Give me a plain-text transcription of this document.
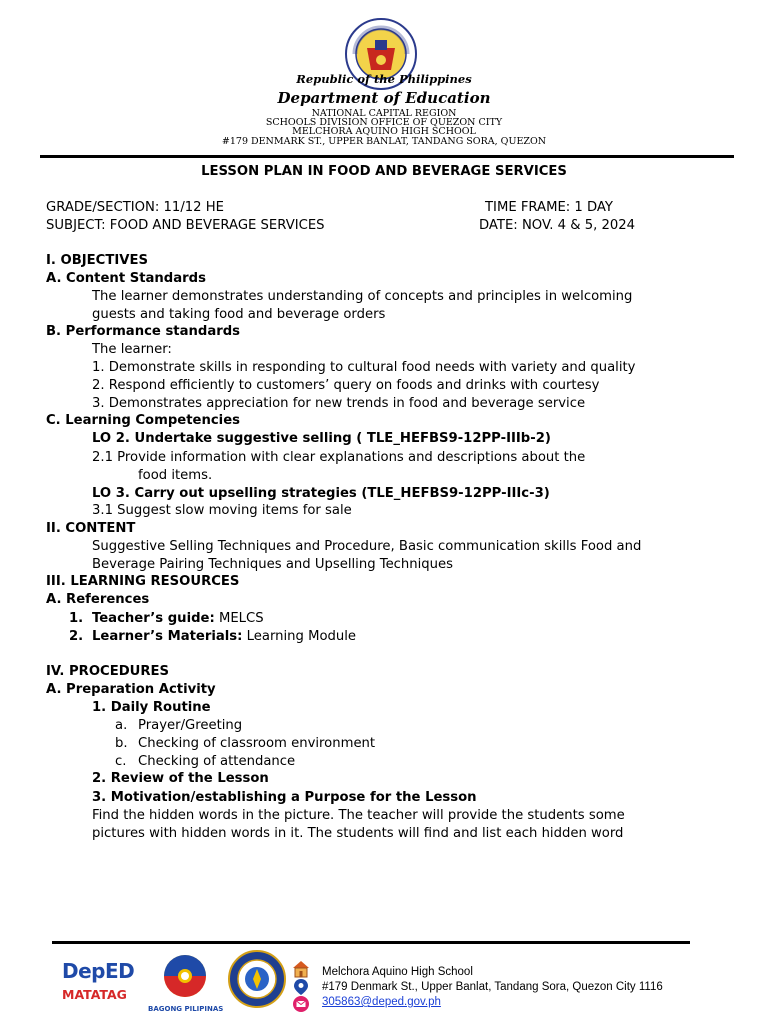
Republic of the Philippines
Department of Education
NATIONAL CAPITAL REGION
SCHOOLS DIVISION OFFICE OF QUEZON CITY
MELCHORA AQUINO HIGH SCHOOL
#179 DENMARK ST., UPPER BANLAT, TANDANG SORA, QUEZON
LESSON PLAN IN FOOD AND BEVERAGE SERVICES
GRADE/SECTION: 11/12 HE	TIME FRAME: 1 DAY
SUBJECT: FOOD AND BEVERAGE SERVICES	DATE: NOV. 4 & 5, 2024
I. OBJECTIVES
A. Content Standards
The learner demonstrates understanding of concepts and principles in welcoming
guests and taking food and beverage orders
B. Performance standards
The learner:
1. Demonstrate skills in responding to cultural food needs with variety and quality
2. Respond efficiently to customers’ query on foods and drinks with courtesy
3. Demonstrates appreciation for new trends in food and beverage service
C. Learning Competencies
LO 2. Undertake suggestive selling ( TLE_HEFBS9-12PP-IIIb-2)
2.1 Provide information with clear explanations and descriptions about the
food items.
LO 3. Carry out upselling strategies (TLE_HEFBS9-12PP-IIIc-3)
3.1 Suggest slow moving items for sale
II. CONTENT
Suggestive Selling Techniques and Procedure, Basic communication skills Food and
Beverage Pairing Techniques and Upselling Techniques
III. LEARNING RESOURCES
A. References
1. Teacher’s guide: MELCS
2. Learner’s Materials: Learning Module
IV. PROCEDURES
A. Preparation Activity
1. Daily Routine
a. Prayer/Greeting
b. Checking of classroom environment
c. Checking of attendance
2. Review of the Lesson
3. Motivation/establishing a Purpose for the Lesson
Find the hidden words in the picture. The teacher will provide the students some
pictures with hidden words in it. The students will find and list each hidden word
DepED
MATATAG
BAGONG PILIPINAS
Melchora Aquino High School
#179 Denmark St., Upper Banlat, Tandang Sora, Quezon City 1116
305863@deped.gov.ph
